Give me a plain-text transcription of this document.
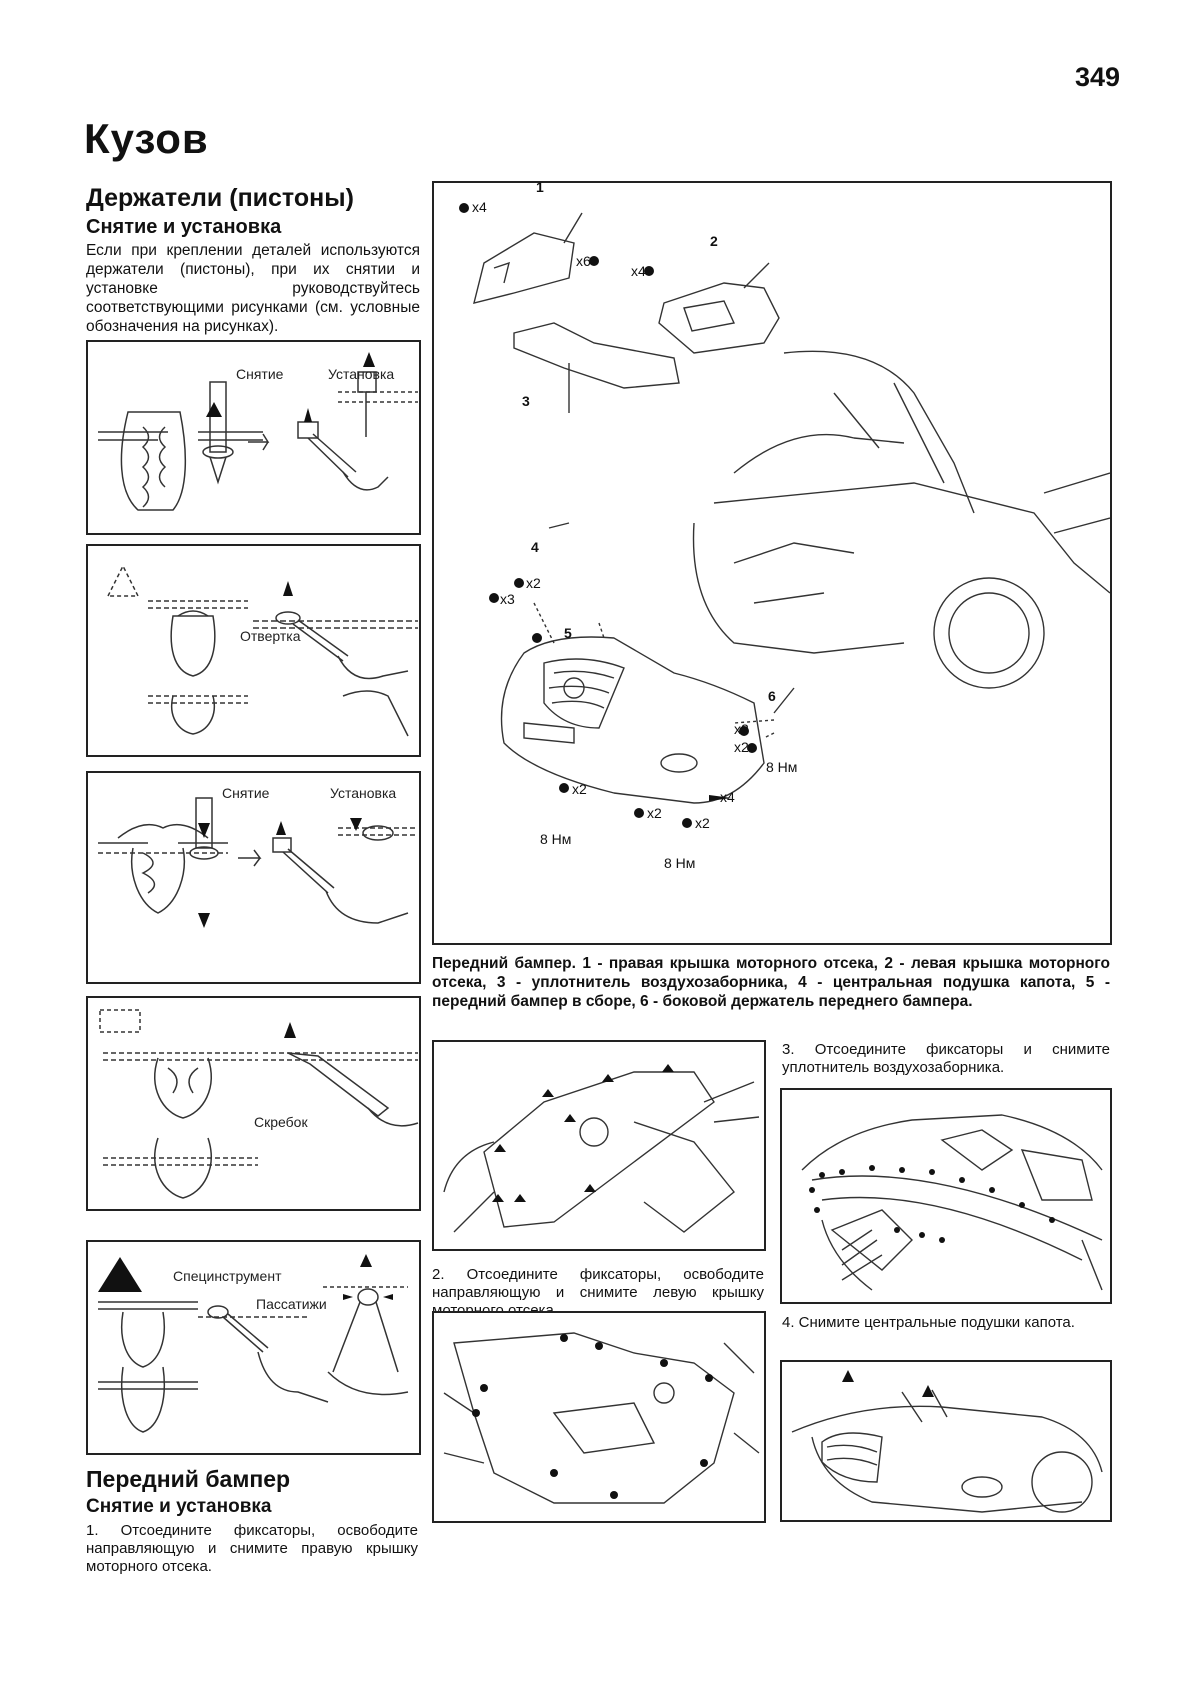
349
Кузов
Держатели (пистоны)
Снятие и установка
Если при креплении деталей используются держатели (пистоны), при их снятии и установке руководствуйтесь соответствующими рисунками (см. условные обозначения на рисунках).
Снятие	Установка
Отвертка
Снятие	Установка
Скребок
Специнструмент
Пассатижи
Передний бампер
Снятие и установка
1. Отсоедините фиксаторы, освободите направляющую и снимите правую крышку моторного отсека.
1
2
3
4
5
6
x4
x6
x4
x2
x3
x2
x2
x4
x2
x2
x2
8 Нм
8 Нм
8 Нм
Передний бампер. 1 - правая крышка моторного отсека, 2 - левая крышка моторного отсека, 3 - уплотнитель воздухозаборника, 4 - центральная подушка капота, 5 - передний бампер в сборе, 6 - боковой держатель переднего бампера.
2. Отсоедините фиксаторы, освободите направляющую и снимите левую крышку
3. Отсоедините фиксаторы и снимите уплотнитель воздухозаборника.
4. Снимите центральные подушки капота.
